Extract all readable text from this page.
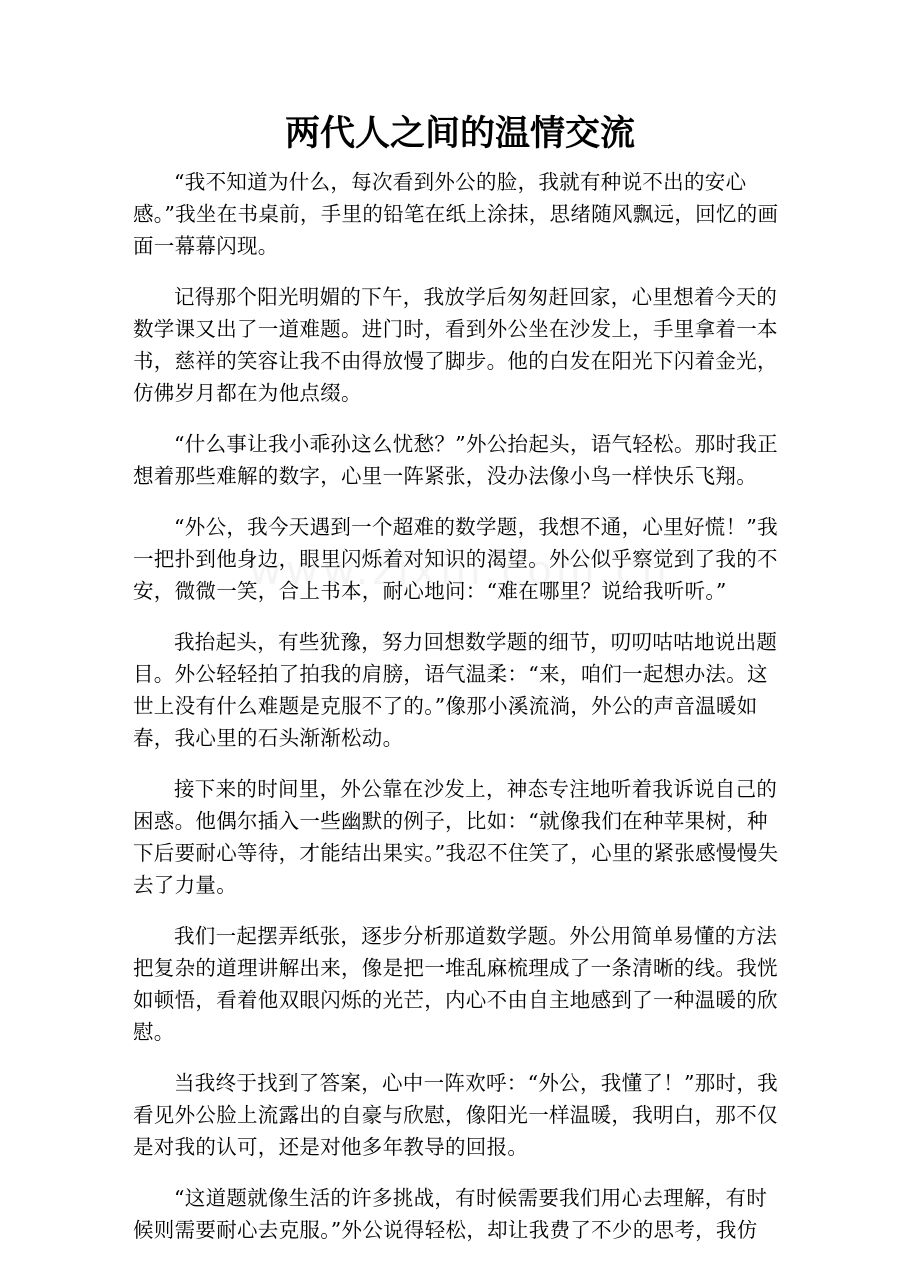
两代人之间的温情交流

“我不知道为什么，每次看到外公的脸，我就有种说不出的安心感。”我坐在书桌前，手里的铅笔在纸上涂抹，思绪随风飘远，回忆的画面一幕幕闪现。

记得那个阳光明媚的下午，我放学后匆匆赶回家，心里想着今天的数学课又出了一道难题。进门时，看到外公坐在沙发上，手里拿着一本书，慈祥的笑容让我不由得放慢了脚步。他的白发在阳光下闪着金光，仿佛岁月都在为他点缀。

“什么事让我小乖孙这么忧愁？”外公抬起头，语气轻松。那时我正想着那些难解的数字，心里一阵紧张，没办法像小鸟一样快乐飞翔。

“外公，我今天遇到一个超难的数学题，我想不通，心里好慌！”我一把扑到他身边，眼里闪烁着对知识的渴望。外公似乎察觉到了我的不安，微微一笑，合上书本，耐心地问：“难在哪里？说给我听听。”

我抬起头，有些犹豫，努力回想数学题的细节，叨叨咕咕地说出题目。外公轻轻拍了拍我的肩膀，语气温柔：“来，咱们一起想办法。这世上没有什么难题是克服不了的。”像那小溪流淌，外公的声音温暖如春，我心里的石头渐渐松动。

接下来的时间里，外公靠在沙发上，神态专注地听着我诉说自己的困惑。他偶尔插入一些幽默的例子，比如：“就像我们在种苹果树，种下后要耐心等待，才能结出果实。”我忍不住笑了，心里的紧张感慢慢失去了力量。

我们一起摆弄纸张，逐步分析那道数学题。外公用简单易懂的方法把复杂的道理讲解出来，像是把一堆乱麻梳理成了一条清晰的线。我恍如顿悟，看着他双眼闪烁的光芒，内心不由自主地感到了一种温暖的欣慰。

当我终于找到了答案，心中一阵欢呼：“外公，我懂了！”那时，我看见外公脸上流露出的自豪与欣慰，像阳光一样温暖，我明白，那不仅是对我的认可，还是对他多年教导的回报。

“这道题就像生活的许多挑战，有时候需要我们用心去理解，有时候则需要耐心去克服。”外公说得轻松，却让我费了不少的思考，我仿
